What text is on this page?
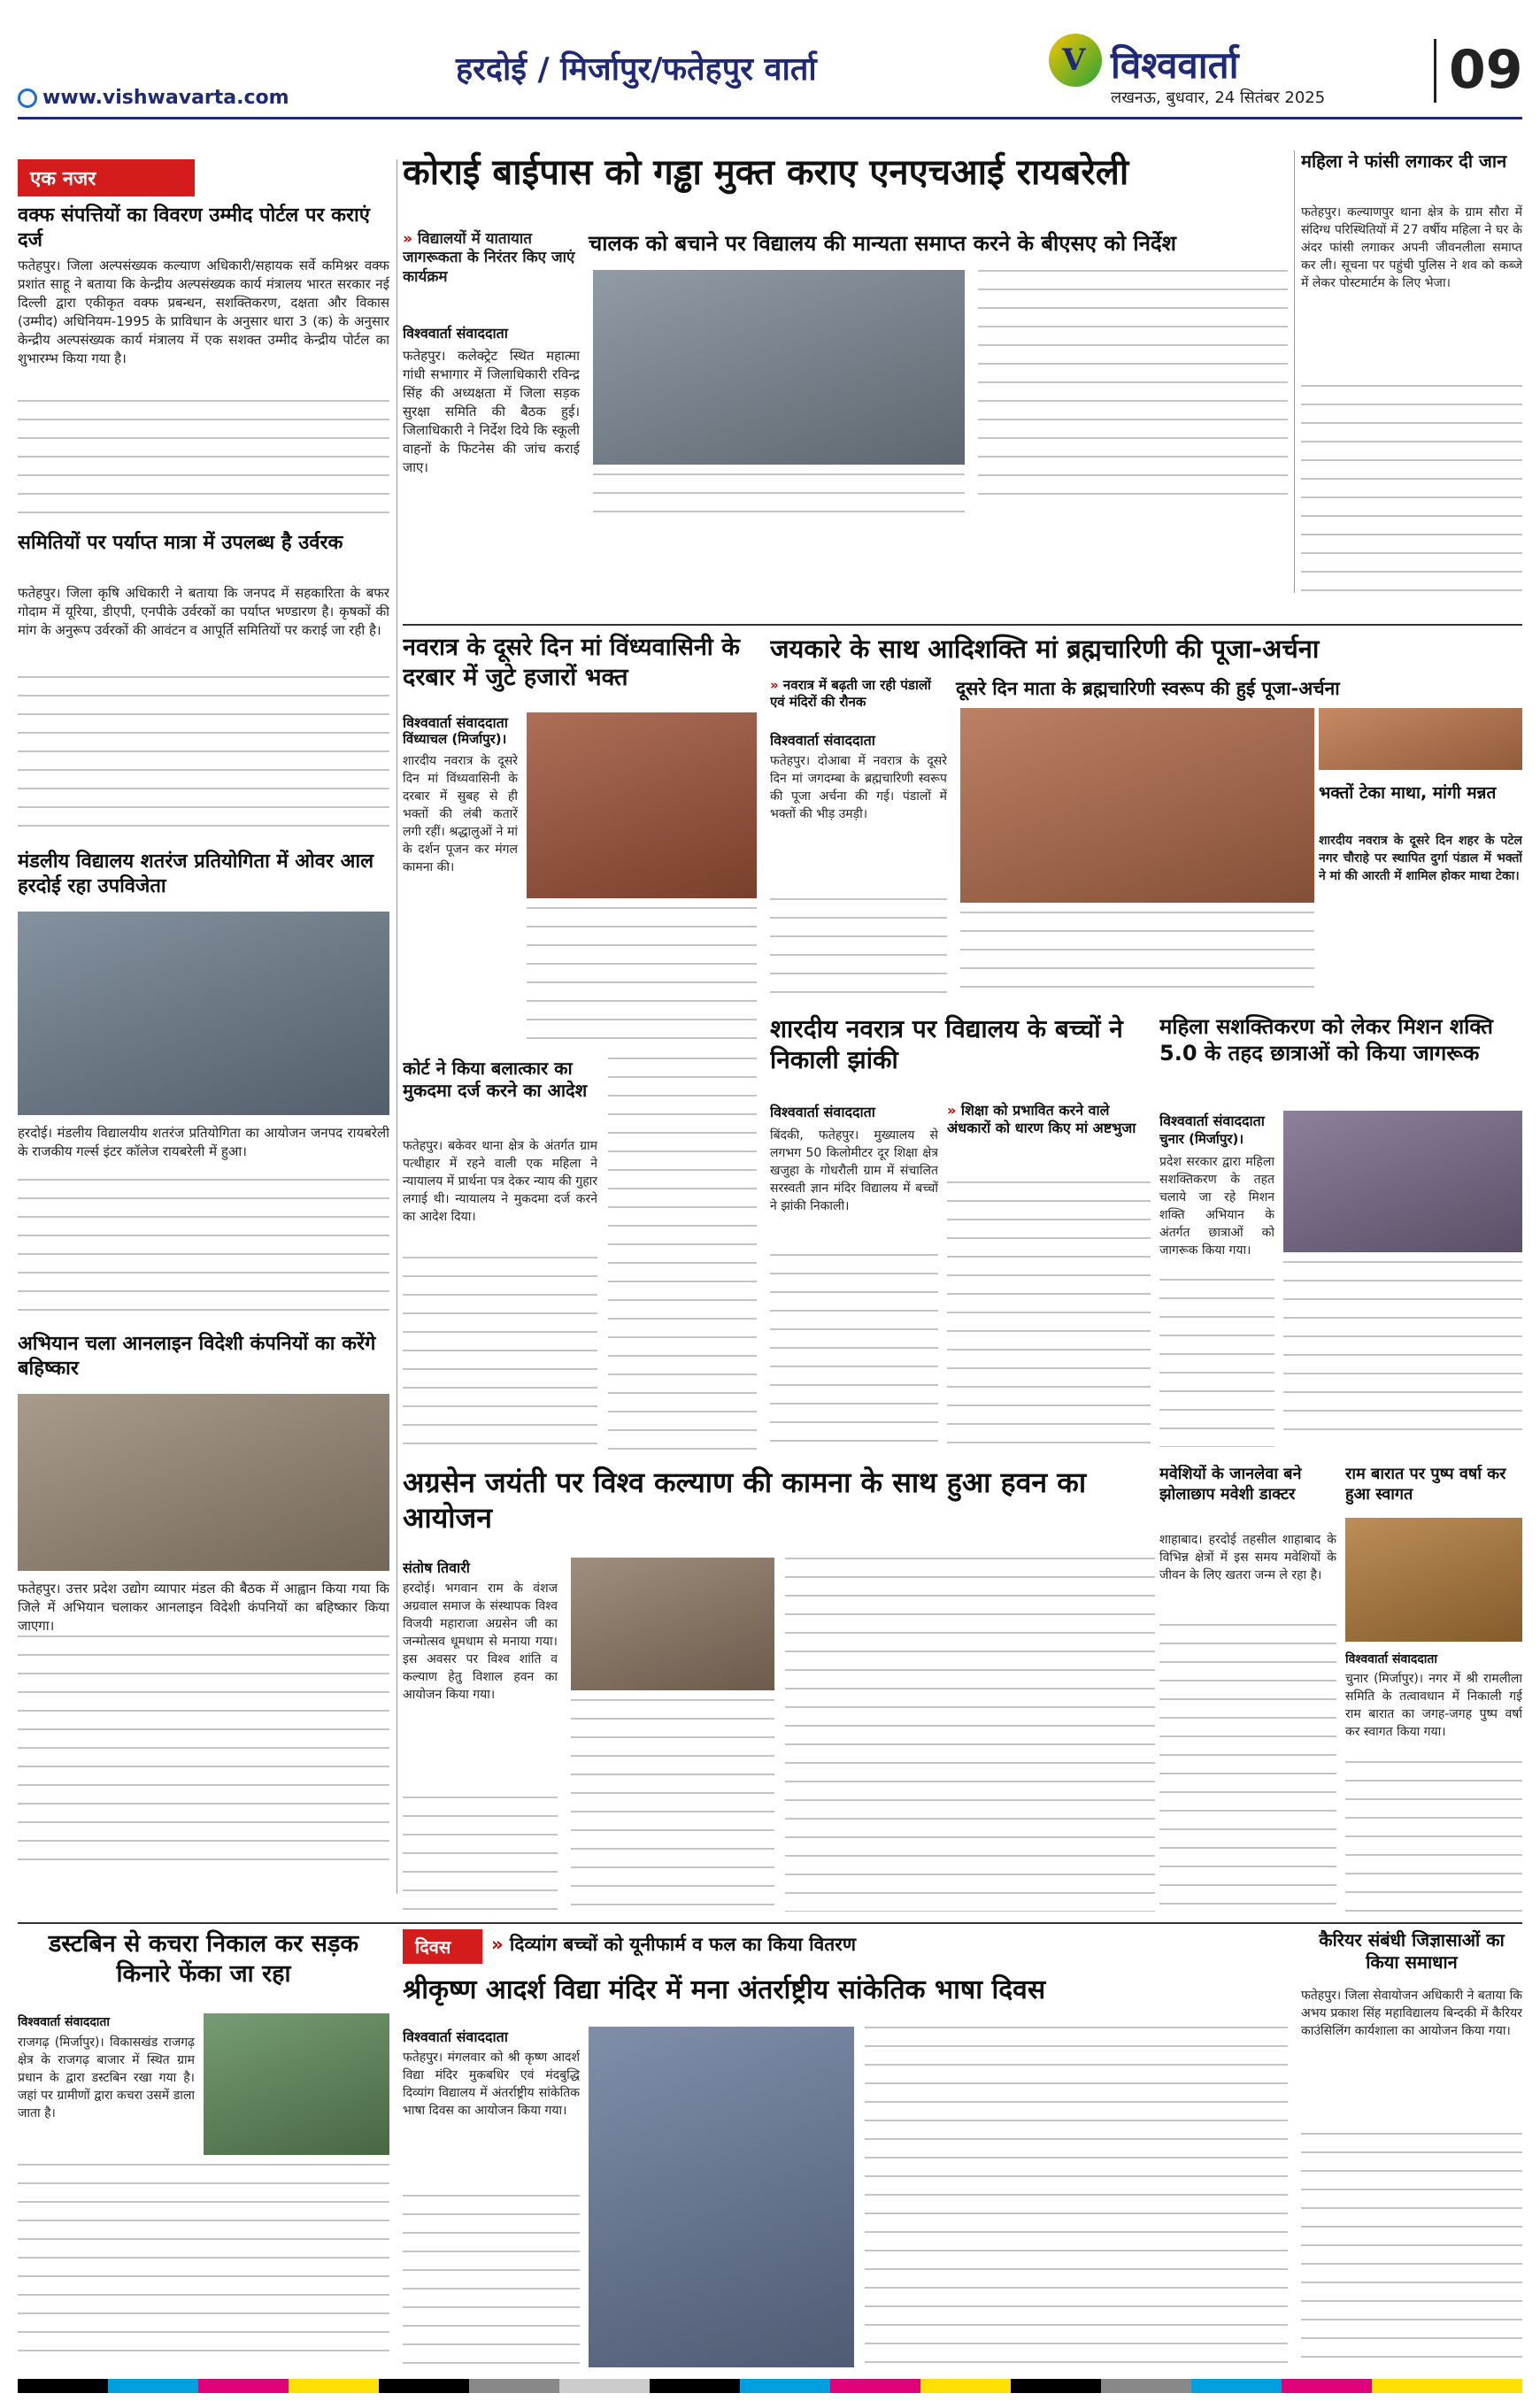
हरदोई / मिर्जापुर/फतेहपुर वार्ता	V विश्ववार्ता
लखनऊ, बुधवार, 24 सितंबर 2025 09
www.vishwavarta.com
एक नजर
वक्फ संपत्तियों का विवरण उम्मीद पोर्टल पर कराएं दर्ज
फतेहपुर। जिला अल्पसंख्यक कल्याण अधिकारी/सहायक सर्वे कमिश्नर वक्फ प्रशांत साहू ने बताया कि केन्द्रीय अल्पसंख्यक कार्य मंत्रालय भारत सरकार नई दिल्ली द्वारा एकीकृत वक्फ प्रबन्धन, सशक्तिकरण, दक्षता और विकास (उम्मीद) अधिनियम-1995 के प्राविधान के अनुसार धारा 3 (क) के अनुसार केन्द्रीय अल्पसंख्यक कार्य मंत्रालय में एक सशक्त उम्मीद केन्द्रीय पोर्टल का शुभारम्भ किया गया है।
समितियों पर पर्याप्त मात्रा में उपलब्ध है उर्वरक
फतेहपुर। जिला कृषि अधिकारी ने बताया कि जनपद में सहकारिता के बफर गोदाम में यूरिया, डीएपी, एनपीके उर्वरकों का पर्याप्त भण्डारण है। कृषकों की मांग के अनुरूप उर्वरकों की आवंटन व आपूर्ति समितियों पर कराई जा रही है।
मंडलीय विद्यालय शतरंज प्रतियोगिता में ओवर आल हरदोई रहा उपविजेता
हरदोई। मंडलीय विद्यालयीय शतरंज प्रतियोगिता का आयोजन जनपद रायबरेली के राजकीय गर्ल्स इंटर कॉलेज रायबरेली में हुआ।
अभियान चला आनलाइन विदेशी कंपनियों का करेंगे बहिष्कार
फतेहपुर। उत्तर प्रदेश उद्योग व्यापार मंडल की बैठक में आह्वान किया गया कि जिले में अभियान चलाकर आनलाइन विदेशी कंपनियों का बहिष्कार किया जाएगा।
कोराई बाईपास को गड्ढा मुक्त कराए एनएचआई रायबरेली
» विद्यालयों में यातायात जागरूकता के निरंतर किए जाएं कार्यक्रम
चालक को बचाने पर विद्यालय की मान्यता समाप्त करने के बीएसए को निर्देश
विश्ववार्ता संवाददाता
फतेहपुर। कलेक्ट्रेट स्थित महात्मा गांधी सभागार में जिलाधिकारी रविन्द्र सिंह की अध्यक्षता में जिला सड़क सुरक्षा समिति की बैठक हुई। जिलाधिकारी ने निर्देश दिये कि स्कूली वाहनों के फिटनेस की जांच कराई जाए।
महिला ने फांसी लगाकर दी जान
फतेहपुर। कल्याणपुर थाना क्षेत्र के ग्राम सौरा में संदिग्ध परिस्थितियों में 27 वर्षीय महिला ने घर के अंदर फांसी लगाकर अपनी जीवनलीला समाप्त कर ली। सूचना पर पहुंची पुलिस ने शव को कब्जे में लेकर पोस्टमार्टम के लिए भेजा।
नवरात्र के दूसरे दिन मां विंध्यवासिनी के दरबार में जुटे हजारों भक्त
विश्ववार्ता संवाददाता
विंध्याचल (मिर्जापुर)।
शारदीय नवरात्र के दूसरे दिन मां विंध्यवासिनी के दरबार में सुबह से ही भक्तों की लंबी कतारें लगी रहीं। श्रद्धालुओं ने मां के दर्शन पूजन कर मंगल कामना की।
जयकारे के साथ आदिशक्ति मां ब्रह्मचारिणी की पूजा-अर्चना
» नवरात्र में बढ़ती जा रही पंडालों एवं मंदिरों की रौनक
दूसरे दिन माता के ब्रह्मचारिणी स्वरूप की हुई पूजा-अर्चना
विश्ववार्ता संवाददाता
फतेहपुर। दोआबा में नवरात्र के दूसरे दिन मां जगदम्बा के ब्रह्मचारिणी स्वरूप की पूजा अर्चना की गई। पंडालों में भक्तों की भीड़ उमड़ी।
भक्तों टेका माथा, मांगी मन्नत
शारदीय नवरात्र के दूसरे दिन शहर के पटेल नगर चौराहे पर स्थापित दुर्गा पंडाल में भक्तों ने मां की आरती में शामिल होकर माथा टेका।
कोर्ट ने किया बलात्कार का मुकदमा दर्ज करने का आदेश
फतेहपुर। बकेवर थाना क्षेत्र के अंतर्गत ग्राम पत्थीहार में रहने वाली एक महिला ने न्यायालय में प्रार्थना पत्र देकर न्याय की गुहार लगाई थी। न्यायालय ने मुकदमा दर्ज करने का आदेश दिया।
शारदीय नवरात्र पर विद्यालय के बच्चों ने निकाली झांकी
विश्ववार्ता संवाददाता	» शिक्षा को प्रभावित करने वाले अंधकारों को धारण किए मां अष्टभुजा
बिंदकी, फतेहपुर। मुख्यालय से लगभग 50 किलोमीटर दूर शिक्षा क्षेत्र खजुहा के गोधरौली ग्राम में संचालित सरस्वती ज्ञान मंदिर विद्यालय में बच्चों ने झांकी निकाली।
महिला सशक्तिकरण को लेकर मिशन शक्ति 5.0 के तहद छात्राओं को किया जागरूक
विश्ववार्ता संवाददाता
चुनार (मिर्जापुर)।
प्रदेश सरकार द्वारा महिला सशक्तिकरण के तहत चलाये जा रहे मिशन शक्ति अभियान के अंतर्गत छात्राओं को जागरूक किया गया।
अग्रसेन जयंती पर विश्व कल्याण की कामना के साथ हुआ हवन का आयोजन
संतोष तिवारी
हरदोई। भगवान राम के वंशज अग्रवाल समाज के संस्थापक विश्व विजयी महाराजा अग्रसेन जी का जन्मोत्सव धूमधाम से मनाया गया। इस अवसर पर विश्व शांति व कल्याण हेतु विशाल हवन का आयोजन किया गया।
मवेशियों के जानलेवा बने झोलाछाप मवेशी डाक्टर
शाहाबाद। हरदोई तहसील शाहाबाद के विभिन्न क्षेत्रों में इस समय मवेशियों के जीवन के लिए खतरा जन्म ले रहा है।
राम बारात पर पुष्प वर्षा कर हुआ स्वागत
विश्ववार्ता संवाददाता
चुनार (मिर्जापुर)। नगर में श्री रामलीला समिति के तत्वावधान में निकाली गई राम बारात का जगह-जगह पुष्प वर्षा कर स्वागत किया गया।
डस्टबिन से कचरा निकाल कर सड़क किनारे फेंका जा रहा
विश्ववार्ता संवाददाता
राजगढ़ (मिर्जापुर)। विकासखंड राजगढ़ क्षेत्र के राजगढ़ बाजार में स्थित ग्राम प्रधान के द्वारा डस्टबिन रखा गया है। जहां पर ग्रामीणों द्वारा कचरा उसमें डाला जाता है।
दिवस	» दिव्यांग बच्चों को यूनीफार्म व फल का किया वितरण
श्रीकृष्ण आदर्श विद्या मंदिर में मना अंतर्राष्ट्रीय सांकेतिक भाषा दिवस
विश्ववार्ता संवाददाता
फतेहपुर। मंगलवार को श्री कृष्ण आदर्श विद्या मंदिर मुकबधिर एवं मंदबुद्धि दिव्यांग विद्यालय में अंतर्राष्ट्रीय सांकेतिक भाषा दिवस का आयोजन किया गया।
कैरियर संबंधी जिज्ञासाओं का किया समाधान
फतेहपुर। जिला सेवायोजन अधिकारी ने बताया कि अभय प्रकाश सिंह महाविद्यालय बिन्दकी में कैरियर काउंसिलिंग कार्यशाला का आयोजन किया गया।
